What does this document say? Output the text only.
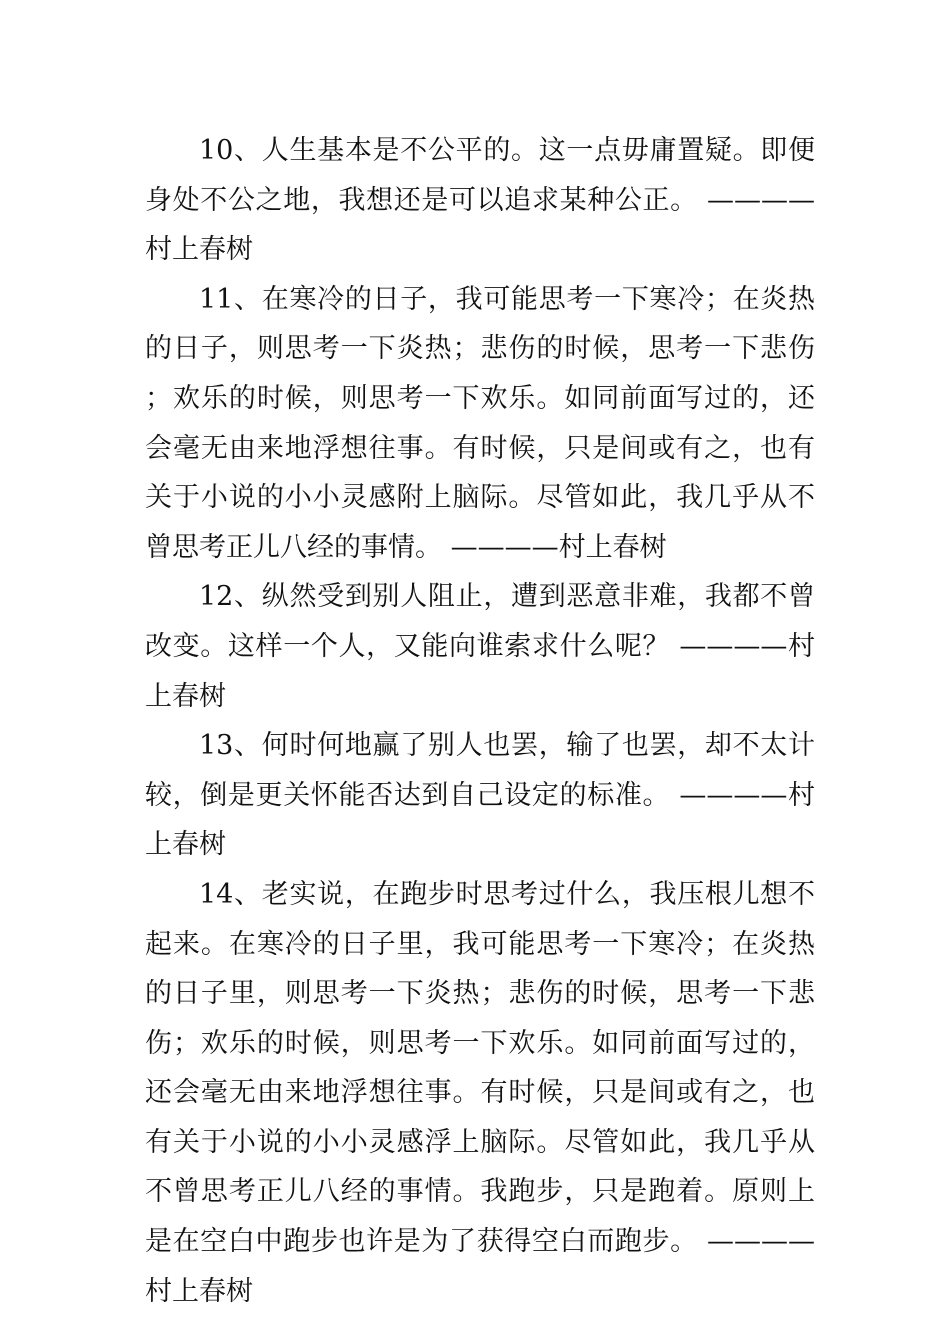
10、人生基本是不公平的。这一点毋庸置疑。即便身处不公之地，我想还是可以追求某种公正。 ————村上春树

11、在寒冷的日子，我可能思考一下寒冷；在炎热的日子，则思考一下炎热；悲伤的时候，思考一下悲伤；欢乐的时候，则思考一下欢乐。如同前面写过的，还会毫无由来地浮想往事。有时候，只是间或有之，也有关于小说的小小灵感附上脑际。尽管如此，我几乎从不曾思考正儿八经的事情。 ————村上春树

12、纵然受到别人阻止，遭到恶意非难，我都不曾改变。这样一个人，又能向谁索求什么呢？ ————村上春树

13、何时何地赢了别人也罢，输了也罢，却不太计较，倒是更关怀能否达到自己设定的标准。 ————村上春树

14、老实说，在跑步时思考过什么，我压根儿想不起来。在寒冷的日子里，我可能思考一下寒冷；在炎热的日子里，则思考一下炎热；悲伤的时候，思考一下悲伤；欢乐的时候，则思考一下欢乐。如同前面写过的，还会毫无由来地浮想往事。有时候，只是间或有之，也有关于小说的小小灵感浮上脑际。尽管如此，我几乎从不曾思考正儿八经的事情。我跑步，只是跑着。原则上是在空白中跑步也许是为了获得空白而跑步。 ————村上春树
